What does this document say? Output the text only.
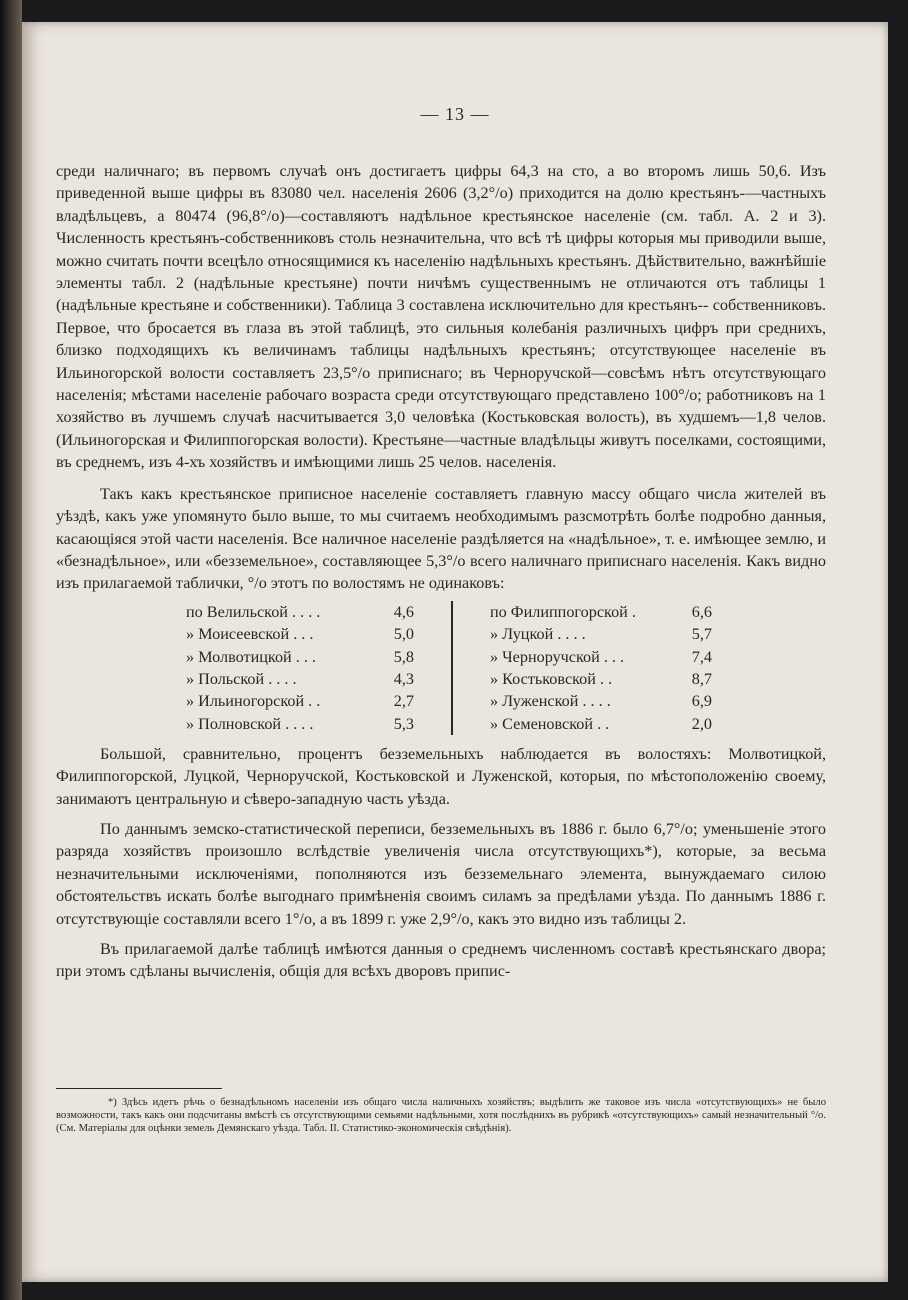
— 13 —

среди наличнаго; въ первомъ случаѣ онъ достигаетъ цифры 64,3 на сто, а во второмъ лишь 50,6. Изъ приведенной выше цифры въ 83080 чел. населенія 2606 (3,2°/о) приходится на долю крестьянъ-—частныхъ владѣльцевъ, а 80474 (96,8°/о)—составляютъ надѣльное крестьянское населеніе (см. табл. А. 2 и 3). Численность крестьянъ-собственниковъ столь незначительна, что всѣ тѣ цифры которыя мы приводили выше, можно считать почти всецѣло относящимися къ населенію надѣльныхъ крестьянъ. Дѣйствительно, важнѣйшіе элементы табл. 2 (надѣльные крестьяне) почти ничѣмъ существеннымъ не отличаются отъ таблицы 1 (надѣльные крестьяне и собственники). Таблица 3 составлена исключительно для крестьянъ-- собственниковъ. Первое, что бросается въ глаза въ этой таблицѣ, это сильныя колебанія различныхъ цифръ при среднихъ, близко подходящихъ къ величинамъ таблицы надѣльныхъ крестьянъ; отсутствующее населеніе въ Ильиногорской волости составляетъ 23,5°/о приписнаго; въ Черноручской—совсѣмъ нѣтъ отсутствующаго населенія; мѣстами населеніе рабочаго возраста среди отсутствующаго представлено 100°/о; работниковъ на 1 хозяйство въ лучшемъ случаѣ насчитывается 3,0 человѣка (Костьковская волость), въ худшемъ—1,8 челов. (Ильиногорская и Филиппогорская волости). Крестьяне—частные владѣльцы живутъ поселками, состоящими, въ среднемъ, изъ 4-хъ хозяйствъ и имѣющими лишь 25 челов. населенія.

Такъ какъ крестьянское приписное населеніе составляетъ главную массу общаго числа жителей въ уѣздѣ, какъ уже упомянуто было выше, то мы считаемъ необходимымъ разсмотрѣть болѣе подробно данныя, касающіяся этой части населенія. Все наличное населеніе раздѣляется на «надѣльное», т. е. имѣющее землю, и «безнадѣльное», или «безземельное», составляющее 5,3°/о всего наличнаго приписнаго населенія. Какъ видно изъ прилагаемой таблички, °/о этотъ по волостямъ не одинаковъ:

по Велильской . . . .	4,6
» Моисеевской . . .	5,0
» Молвотицкой . . .	5,8
» Польской . . . .	4,3
» Ильиногорской . .	2,7
» Полновской . . . .	5,3
по Филиппогорской .	6,6
» Луцкой . . . .	5,7
» Черноручской . . .	7,4
» Костьковской . .	8,7
» Луженской . . . .	6,9
» Семеновской . .	2,0

Большой, сравнительно, процентъ безземельныхъ наблюдается въ волостяхъ: Молвотицкой, Филиппогорской, Луцкой, Черноручской, Костьковской и Луженской, которыя, по мѣстоположенію своему, занимаютъ центральную и сѣверо-западную часть уѣзда.

По даннымъ земско-статистической переписи, безземельныхъ въ 1886 г. было 6,7°/о; уменьшеніе этого разряда хозяйствъ произошло вслѣдствіе увеличенія числа отсутствующихъ*), которые, за весьма незначительными исключеніями, пополняются изъ безземельнаго элемента, вынуждаемаго силою обстоятельствъ искать болѣе выгоднаго примѣненія своимъ силамъ за предѣлами уѣзда. По даннымъ 1886 г. отсутствующіе составляли всего 1°/о, а въ 1899 г. уже 2,9°/о, какъ это видно изъ таблицы 2.

Въ прилагаемой далѣе таблицѣ имѣются данныя о среднемъ численномъ составѣ крестьянскаго двора; при этомъ сдѣланы вычисленія, общія для всѣхъ дворовъ припис-

*) Здѣсь идетъ рѣчь о безнадѣльномъ населеніи изъ общаго числа наличныхъ хозяйствъ; выдѣлить же таковое изъ числа «отсутствующихъ» не было возможности, такъ какъ они подсчитаны вмѣстѣ съ отсутствующими семьями надѣльными, хотя послѣднихъ въ рубрикѣ «отсутствующихъ» самый незначительный °/о. (См. Матеріалы для оцѣнки земель Демянскаго уѣзда. Табл. II. Статистико-экономическія свѣдѣнія).
